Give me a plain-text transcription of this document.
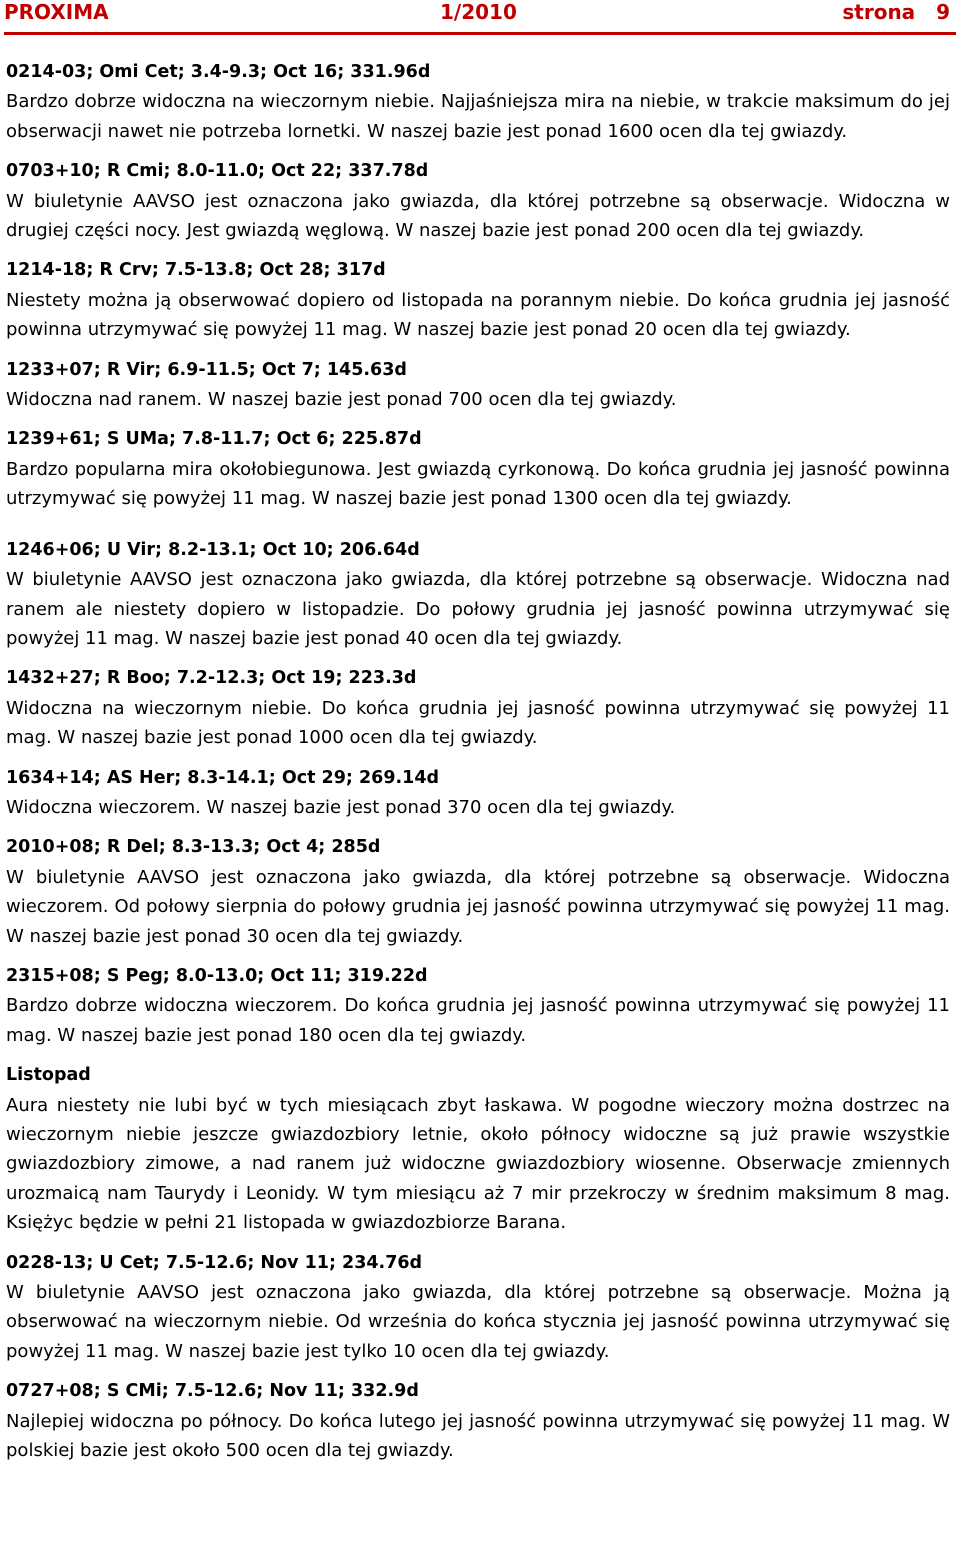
PROXIMA	1/2010	strona 9
0214-03; Omi Cet; 3.4-9.3; Oct 16; 331.96d
Bardzo dobrze widoczna na wieczornym niebie. Najjaśniejsza mira na niebie, w trakcie maksimum do jej obserwacji nawet nie potrzeba lornetki. W naszej bazie jest ponad 1600 ocen dla tej gwiazdy.
0703+10; R Cmi; 8.0-11.0; Oct 22; 337.78d
W biuletynie AAVSO jest oznaczona jako gwiazda, dla której potrzebne są obserwacje. Widoczna w drugiej części nocy. Jest gwiazdą węglową. W naszej bazie jest ponad 200 ocen dla tej gwiazdy.
1214-18; R Crv; 7.5-13.8; Oct 28; 317d
Niestety można ją obserwować dopiero od listopada na porannym niebie. Do końca grudnia jej jasność powinna utrzymywać się powyżej 11 mag. W naszej bazie jest ponad 20 ocen dla tej gwiazdy.
1233+07; R Vir; 6.9-11.5; Oct 7; 145.63d
Widoczna nad ranem. W naszej bazie jest ponad 700 ocen dla tej gwiazdy.
1239+61; S UMa; 7.8-11.7; Oct 6; 225.87d
Bardzo popularna mira okołobiegunowa. Jest gwiazdą cyrkonową. Do końca grudnia jej jasność powinna utrzymywać się powyżej 11 mag. W naszej bazie jest ponad 1300 ocen dla tej gwiazdy.
1246+06; U Vir; 8.2-13.1; Oct 10; 206.64d
W biuletynie AAVSO jest oznaczona jako gwiazda, dla której potrzebne są obserwacje. Widoczna nad ranem ale niestety dopiero w listopadzie. Do połowy grudnia jej jasność powinna utrzymywać się powyżej 11 mag. W naszej bazie jest ponad 40 ocen dla tej gwiazdy.
1432+27; R Boo; 7.2-12.3; Oct 19; 223.3d
Widoczna na wieczornym niebie. Do końca grudnia jej jasność powinna utrzymywać się powyżej 11 mag. W naszej bazie jest ponad 1000 ocen dla tej gwiazdy.
1634+14; AS Her; 8.3-14.1; Oct 29; 269.14d
Widoczna wieczorem. W naszej bazie jest ponad 370 ocen dla tej gwiazdy.
2010+08; R Del; 8.3-13.3; Oct 4; 285d
W biuletynie AAVSO jest oznaczona jako gwiazda, dla której potrzebne są obserwacje. Widoczna wieczorem. Od połowy sierpnia do połowy grudnia jej jasność powinna utrzymywać się powyżej 11 mag. W naszej bazie jest ponad 30 ocen dla tej gwiazdy.
2315+08; S Peg; 8.0-13.0; Oct 11; 319.22d
Bardzo dobrze widoczna wieczorem. Do końca grudnia jej jasność powinna utrzymywać się powyżej 11 mag. W naszej bazie jest ponad 180 ocen dla tej gwiazdy.
Listopad
Aura niestety nie lubi być w tych miesiącach zbyt łaskawa. W pogodne wieczory można dostrzec na wieczornym niebie jeszcze gwiazdozbiory letnie, około północy widoczne są już prawie wszystkie gwiazdozbiory zimowe, a nad ranem już widoczne gwiazdozbiory wiosenne. Obserwacje zmiennych urozmaicą nam Taurydy i Leonidy. W tym miesiącu aż 7 mir przekroczy w średnim maksimum 8 mag. Księżyc będzie w pełni 21 listopada w gwiazdozbiorze Barana.
0228-13; U Cet; 7.5-12.6; Nov 11; 234.76d
W biuletynie AAVSO jest oznaczona jako gwiazda, dla której potrzebne są obserwacje. Można ją obserwować na wieczornym niebie. Od września do końca stycznia jej jasność powinna utrzymywać się powyżej 11 mag. W naszej bazie jest tylko 10 ocen dla tej gwiazdy.
0727+08; S CMi; 7.5-12.6; Nov 11; 332.9d
Najlepiej widoczna po północy. Do końca lutego jej jasność powinna utrzymywać się powyżej 11 mag. W polskiej bazie jest około 500 ocen dla tej gwiazdy.
